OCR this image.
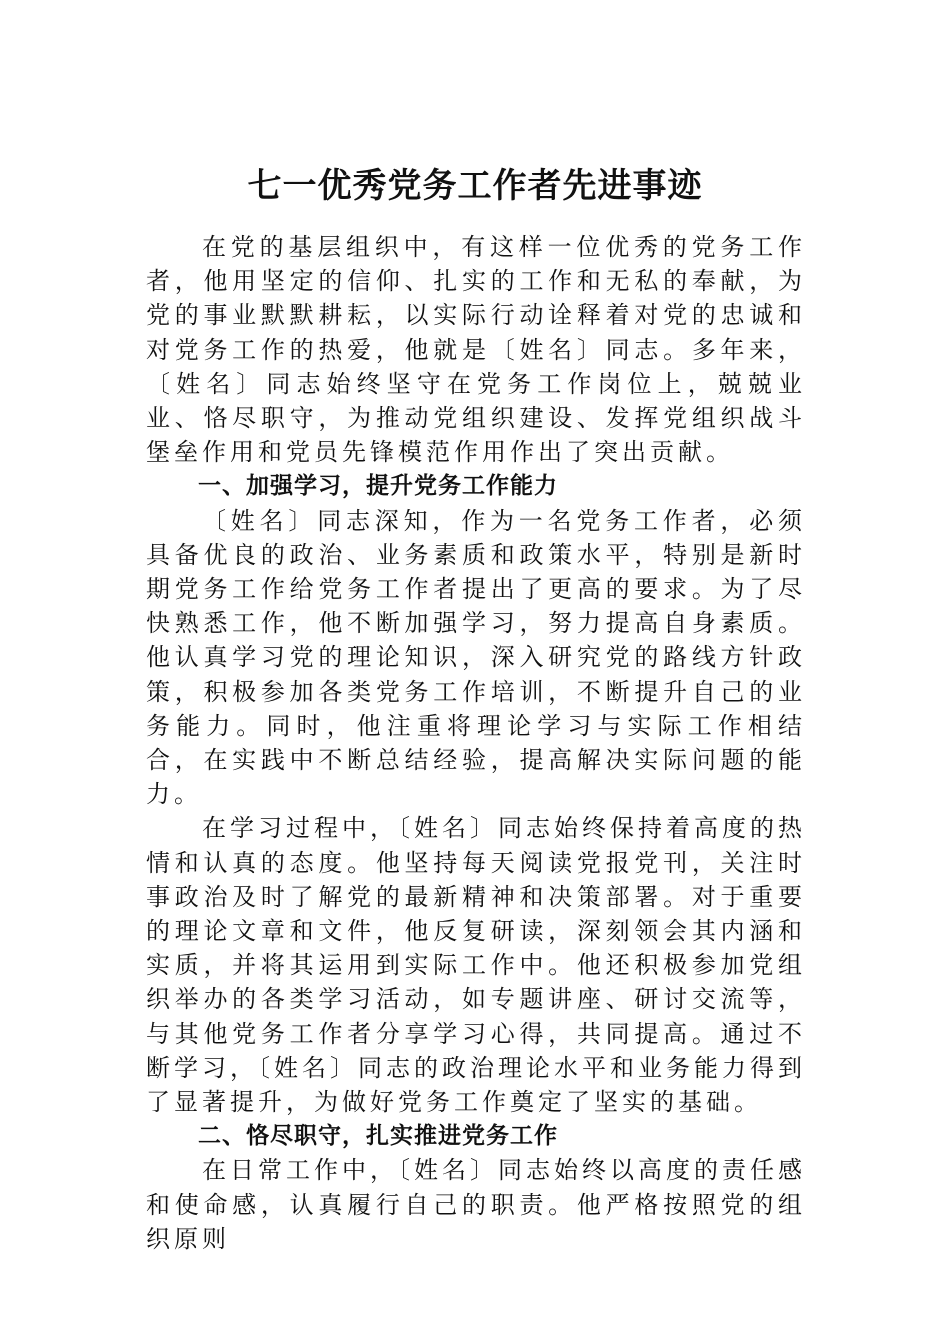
七一优秀党务工作者先进事迹

在党的基层组织中，有这样一位优秀的党务工作者，他用坚定的信仰、扎实的工作和无私的奉献，为党的事业默默耕耘，以实际行动诠释着对党的忠诚和对党务工作的热爱，他就是〔姓名〕同志。多年来，〔姓名〕同志始终坚守在党务工作岗位上，兢兢业业、恪尽职守，为推动党组织建设、发挥党组织战斗堡垒作用和党员先锋模范作用作出了突出贡献。

一、加强学习，提升党务工作能力

〔姓名〕同志深知，作为一名党务工作者，必须具备优良的政治、业务素质和政策水平，特别是新时期党务工作给党务工作者提出了更高的要求。为了尽快熟悉工作，他不断加强学习，努力提高自身素质。他认真学习党的理论知识，深入研究党的路线方针政策，积极参加各类党务工作培训，不断提升自己的业务能力。同时，他注重将理论学习与实际工作相结合，在实践中不断总结经验，提高解决实际问题的能力。

在学习过程中，〔姓名〕同志始终保持着高度的热情和认真的态度。他坚持每天阅读党报党刊，关注时事政治及时了解党的最新精神和决策部署。对于重要的理论文章和文件，他反复研读，深刻领会其内涵和实质，并将其运用到实际工作中。他还积极参加党组织举办的各类学习活动，如专题讲座、研讨交流等，与其他党务工作者分享学习心得，共同提高。通过不断学习，〔姓名〕同志的政治理论水平和业务能力得到了显著提升，为做好党务工作奠定了坚实的基础。

二、恪尽职守，扎实推进党务工作

在日常工作中，〔姓名〕同志始终以高度的责任感和使命感，认真履行自己的职责。他严格按照党的组织原则
